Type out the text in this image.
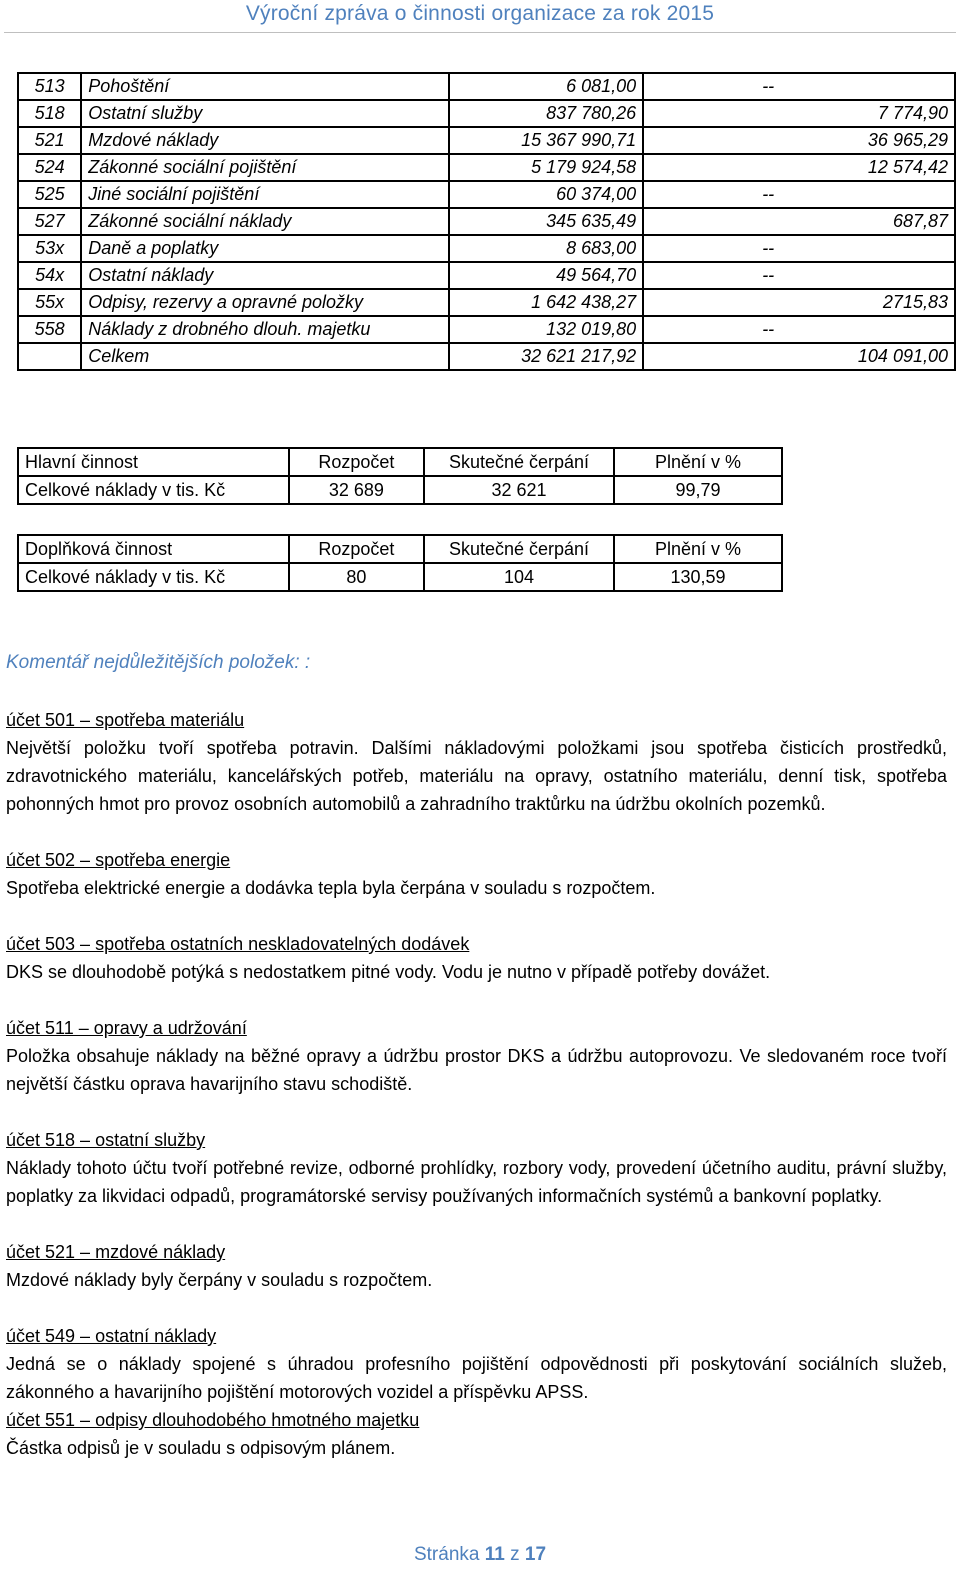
Výroční zpráva o činnosti organizace za rok 2015
513	Pohoštění	6 081,00	--
518	Ostatní služby	837 780,26	7 774,90
521	Mzdové náklady	15 367 990,71	36 965,29
524	Zákonné sociální pojištění	5 179 924,58	12 574,42
525	Jiné sociální pojištění	60 374,00	--
527	Zákonné sociální náklady	345 635,49	687,87
53x	Daně a poplatky	8 683,00	--
54x	Ostatní náklady	49 564,70	--
55x	Odpisy, rezervy a opravné položky	1 642 438,27	2715,83
558	Náklady z drobného dlouh. majetku	132 019,80	--
	Celkem	32 621 217,92	104 091,00
Hlavní činnost	Rozpočet	Skutečné čerpání	Plnění v %
Celkové náklady v tis. Kč	32 689	32 621	99,79
Doplňková činnost	Rozpočet	Skutečné čerpání	Plnění v %
Celkové náklady v tis. Kč	80	104	130,59
Komentář nejdůležitějších položek: :
účet 501 – spotřeba materiálu
Největší položku tvoří spotřeba potravin. Dalšími nákladovými položkami jsou spotřeba čisticích prostředků, zdravotnického materiálu, kancelářských potřeb, materiálu na opravy, ostatního materiálu, denní tisk, spotřeba pohonných hmot pro provoz osobních automobilů a zahradního traktůrku na údržbu okolních pozemků.
účet 502 – spotřeba energie
Spotřeba elektrické energie a dodávka tepla byla čerpána v souladu s rozpočtem.
účet 503 – spotřeba ostatních neskladovatelných dodávek
DKS se dlouhodobě potýká s nedostatkem pitné vody. Vodu je nutno v případě potřeby dovážet.
účet 511 – opravy a udržování
Položka obsahuje náklady na běžné opravy a údržbu prostor DKS a údržbu autoprovozu. Ve sledovaném roce tvoří největší částku oprava havarijního stavu schodiště.
účet 518 – ostatní služby
Náklady tohoto účtu tvoří potřebné revize, odborné prohlídky, rozbory vody, provedení účetního auditu, právní služby, poplatky za likvidaci odpadů, programátorské servisy používaných informačních systémů a bankovní poplatky.
účet 521 – mzdové náklady
Mzdové náklady byly čerpány v souladu s rozpočtem.
účet 549 – ostatní náklady
Jedná se o náklady spojené s úhradou profesního pojištění odpovědnosti při poskytování sociálních služeb, zákonného a havarijního pojištění motorových vozidel a příspěvku APSS.
účet 551 – odpisy dlouhodobého hmotného majetku
Částka odpisů je v souladu s odpisovým plánem.
Stránka 11 z 17
